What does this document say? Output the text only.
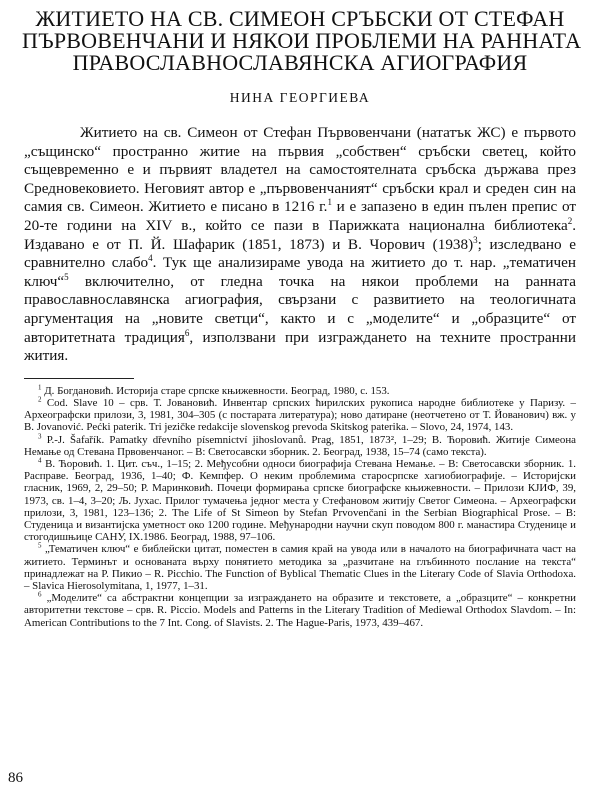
ЖИТИЕТО НА СВ. СИМЕОН СРЪБСКИ ОТ СТЕФАН
ПЪРВОВЕНЧАНИ И НЯКОИ ПРОБЛЕМИ НА РАННАТА
ПРАВОСЛАВНОСЛАВЯНСКА АГИОГРАФИЯ
НИНА ГЕОРГИЕВА

Житието на св. Симеон от Стефан Първовенчани (нататък ЖС) е първото „същинско“ пространно житие на първия „собствен“ сръбски светец, който същевременно е и първият владетел на самостоятелната сръбска държава през Средновековието. Неговият автор е „първовенчаният“ сръбски крал и среден син на самия св. Симеон. Житието е писано в 1216 г.$^1$ и е запазено в един пълен препис от 20-те години на XIV в., който се пази в Парижката национална библиотека$^2$. Издавано е от П. Й. Шафарик (1851, 1873) и В. Чорович $(1938)^3$; изследвано е сравнително слабо$^4$. Тук ще анализираме увода на житието до т. нар. „тематичен ключ“$^5$ включително, от гледна точка на някои проблеми на ранната православнославянска агиография, свързани с развитието на теологичната аргументация на „новите светци“, както и с „моделите“ и „образците“ от авторитетната традиция$^6$, използвани при изграждането на техните пространни жития.

$^1$ Д. Богдановић. Историја старе српске књижевности. Београд, 1980, с. 153.

$^2$ Cod. Slave 10 – срв. Т. Јовановић. Инвентар српских ћирилских рукописа народне библиотеке у Паризу. – Археографски прилози, 3, 1981, 304–305 (с постарата литература); ново датиране (неотчетено от Т. Йованович) вж. у B. Jovanović. Pećki paterik. Tri jezičke redakcije slovenskog prevoda Skitskog paterika. – Slovo, 24, 1974, 143.

$^3$ P.-J. Šafařík. Pamatky dřevního písemnictví jihoslovanů. Prag, 1851, 1873², 1–29; В. Ћоровић. Житије Симеона Немање од Стевана Првовенчаног. – В: Светосавски зборник. 2. Београд, 1938, 15–74 (само текста).

$^4$ В. Ћоровић. 1. Цит. съч., 1–15; 2. Међусобни односи биографија Стевана Немање. – В: Светосавски зборник. 1. Расправе. Београд, 1936, 1–40; Ф. Кемпфер. О неким проблемима старосрпске хагиобиографије. – Историјски гласник, 1969, 2, 29–50; Р. Маринковић. Почеци формирања српске биографске књижевности. – Прилози КЈИФ, 39, 1973, св. 1–4, 3–20; Љ. Јухас. Прилог тумачења једног места у Стефановом житију Светог Симеона. – Археографски прилози, 3, 1981, 123–136; 2. The Life of St Simeon by Stefan Prvovenčani in the Serbian Biographical Prose. – В: Студеница и византијска уметност око 1200 године. Међународни научни скуп поводом 800 г. манастира Студенице и стогодишњице САНУ, IX.1986. Београд, 1988, 97–106.

$^5$ „Тематичен ключ“ е библейски цитат, поместен в самия край на увода или в началото на биографичната част на житието. Терминът и основаната върху понятието методика за „разчитане на глъбинното послание на текста“ принадлежат на Р. Пикио – R. Picchio. The Function of Byblical Thematic Clues in the Literary Code of Slavia Orthodoxa. – Slavica Hierosolymitana, 1, 1977, 1–31.

$^6$ „Моделите“ са абстрактни концепции за изграждането на образите и текстовете, а „образците“ – конкретни авторитетни текстове – срв. R. Piccio. Models and Patterns in the Literary Tradition of Mediewal Orthodox Slavdom. – In: American Contributions to the 7 Int. Cong. of Slavists. 2. The Hague-Paris, 1973, 439–467.

86
